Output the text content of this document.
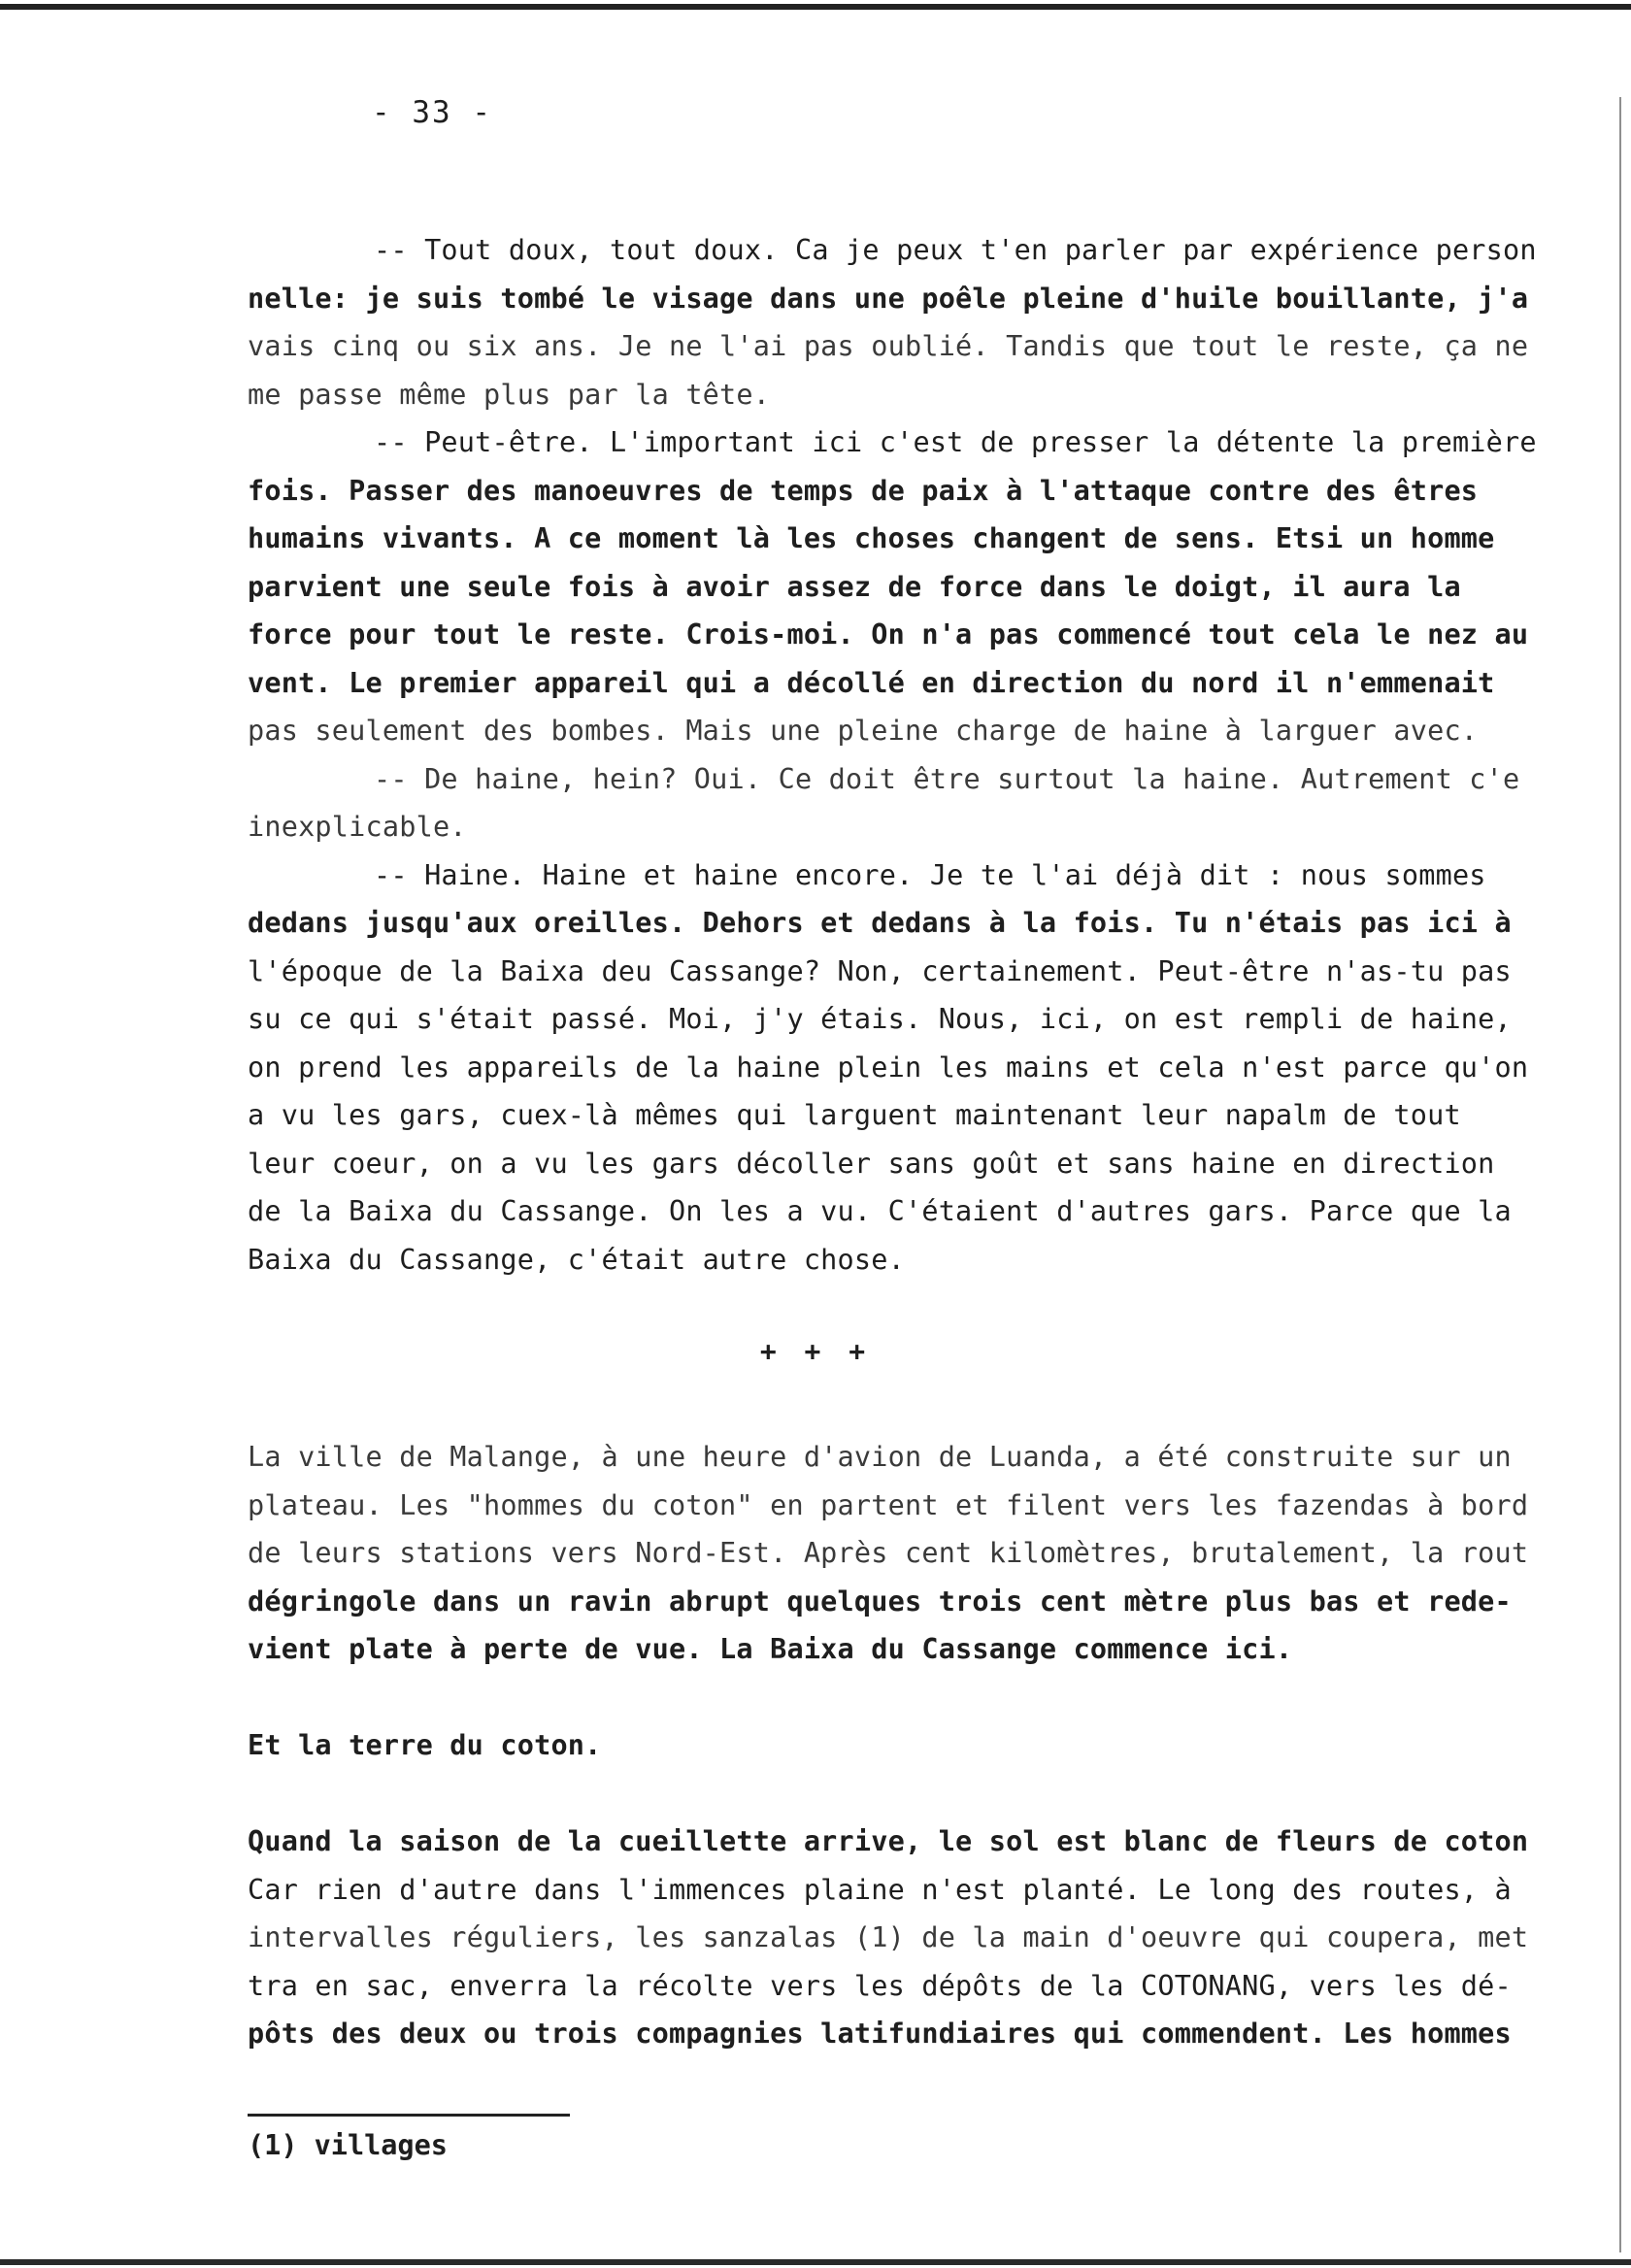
- 33 -
-- Tout doux, tout doux. Ca je peux t'en parler par expérience person
nelle: je suis tombé le visage dans une poêle pleine d'huile bouillante, j'a
vais cinq ou six ans. Je ne l'ai pas oublié. Tandis que tout le reste, ça ne
me passe même plus par la tête.
-- Peut-être. L'important ici c'est de presser la détente la première
fois. Passer des manoeuvres de temps de paix à l'attaque contre des êtres
humains vivants. A ce moment là les choses changent de sens. Etsi un homme
parvient une seule fois à avoir assez de force dans le doigt, il aura la
force pour tout le reste. Crois-moi. On n'a pas commencé tout cela le nez au
vent. Le premier appareil qui a décollé en direction du nord il n'emmenait
pas seulement des bombes. Mais une pleine charge de haine à larguer avec.
-- De haine, hein? Oui. Ce doit être surtout la haine. Autrement c'e
inexplicable.
-- Haine. Haine et haine encore. Je te l'ai déjà dit : nous sommes
dedans jusqu'aux oreilles. Dehors et dedans à la fois. Tu n'étais pas ici à
l'époque de la Baixa deu Cassange? Non, certainement. Peut-être n'as-tu pas
su ce qui s'était passé. Moi, j'y étais. Nous, ici, on est rempli de haine,
on prend les appareils de la haine plein les mains et cela n'est parce qu'on
a vu les gars, cuex-là mêmes qui larguent maintenant leur napalm de tout
leur coeur, on a vu les gars décoller sans goût et sans haine en direction
de la Baixa du Cassange. On les a vu. C'étaient d'autres gars. Parce que la
Baixa du Cassange, c'était autre chose.
+ + +
La ville de Malange, à une heure d'avion de Luanda, a été construite sur un
plateau. Les "hommes du coton" en partent et filent vers les fazendas à bord
de leurs stations vers Nord-Est. Après cent kilomètres, brutalement, la rout
dégringole dans un ravin abrupt quelques trois cent mètre plus bas et rede-
vient plate à perte de vue. La Baixa du Cassange commence ici.
Et la terre du coton.
Quand la saison de la cueillette arrive, le sol est blanc de fleurs de coton
Car rien d'autre dans l'immences plaine n'est planté. Le long des routes, à
intervalles réguliers, les sanzalas (1) de la main d'oeuvre qui coupera, met
tra en sac, enverra la récolte vers les dépôts de la COTONANG, vers les dé-
pôts des deux ou trois compagnies latifundiaires qui commendent. Les hommes
(1) villages
